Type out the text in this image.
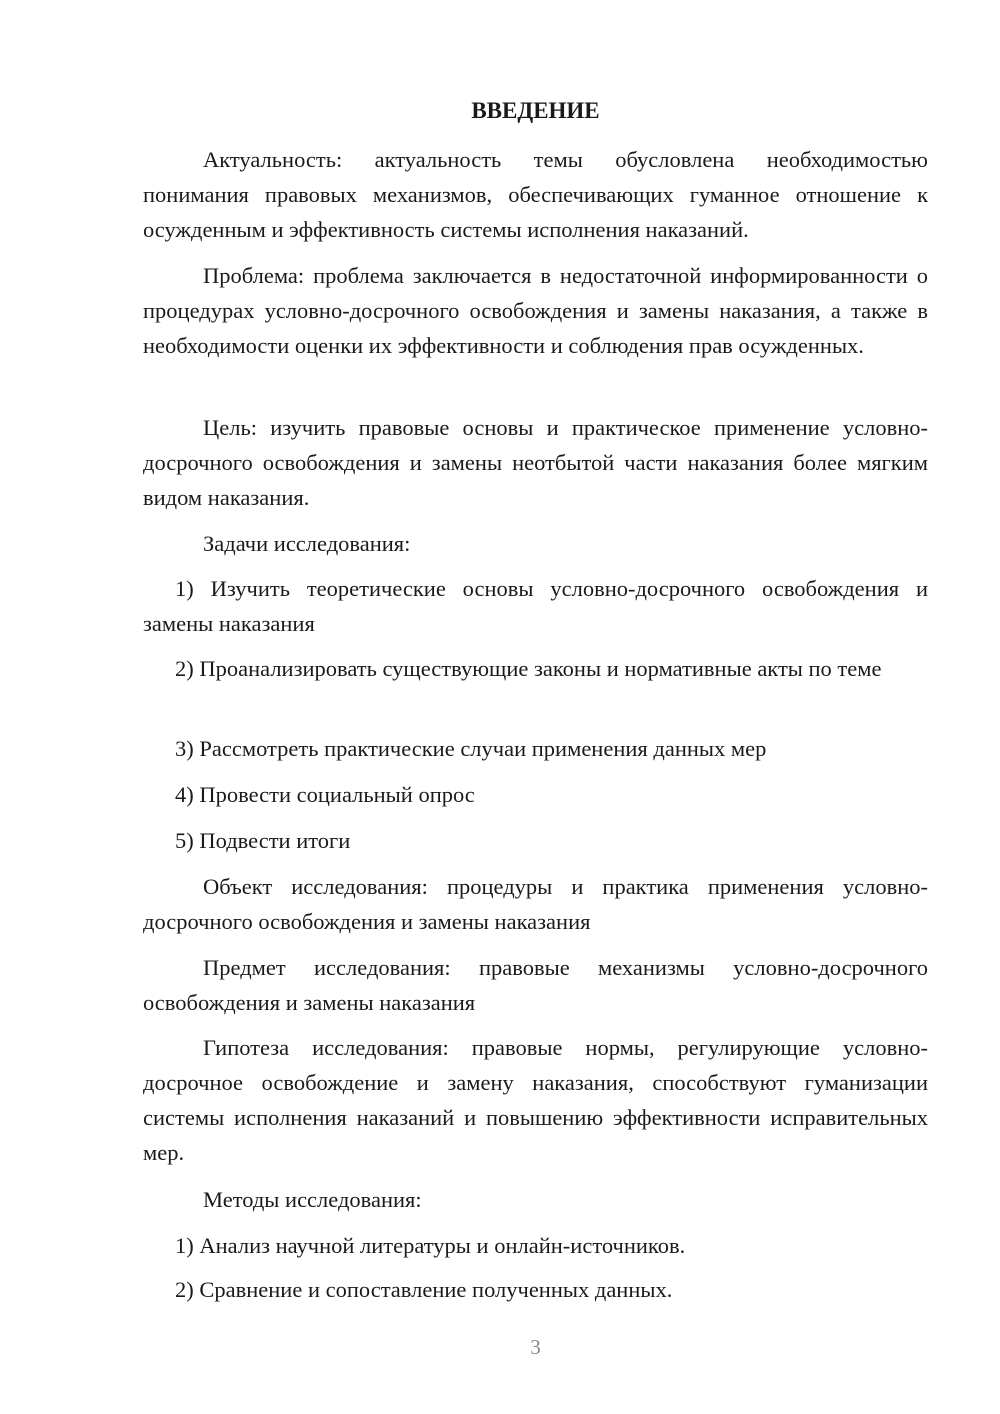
ВВЕДЕНИЕ

Актуальность: актуальность темы обусловлена необходимостью понимания правовых механизмов, обеспечивающих гуманное отношение к осужденным и эффективность системы исполнения наказаний.

Проблема: проблема заключается в недостаточной информированности о процедурах условно-досрочного освобождения и замены наказания, а также в необходимости оценки их эффективности и соблюдения прав осужденных.

Цель: изучить правовые основы и практическое применение условно-досрочного освобождения и замены неотбытой части наказания более мягким видом наказания.

Задачи исследования:

1) Изучить теоретические основы условно-досрочного освобождения и замены наказания

2) Проанализировать существующие законы и нормативные акты по теме

3) Рассмотреть практические случаи применения данных мер

4) Провести социальный опрос

5) Подвести итоги

Объект исследования: процедуры и практика применения условно-досрочного освобождения и замены наказания

Предмет исследования: правовые механизмы условно-досрочного освобождения и замены наказания

Гипотеза исследования: правовые нормы, регулирующие условно-досрочное освобождение и замену наказания, способствуют гуманизации системы исполнения наказаний и повышению эффективности исправительных мер.

Методы исследования:

1) Анализ научной литературы и онлайн-источников.

2) Сравнение и сопоставление полученных данных.

3
